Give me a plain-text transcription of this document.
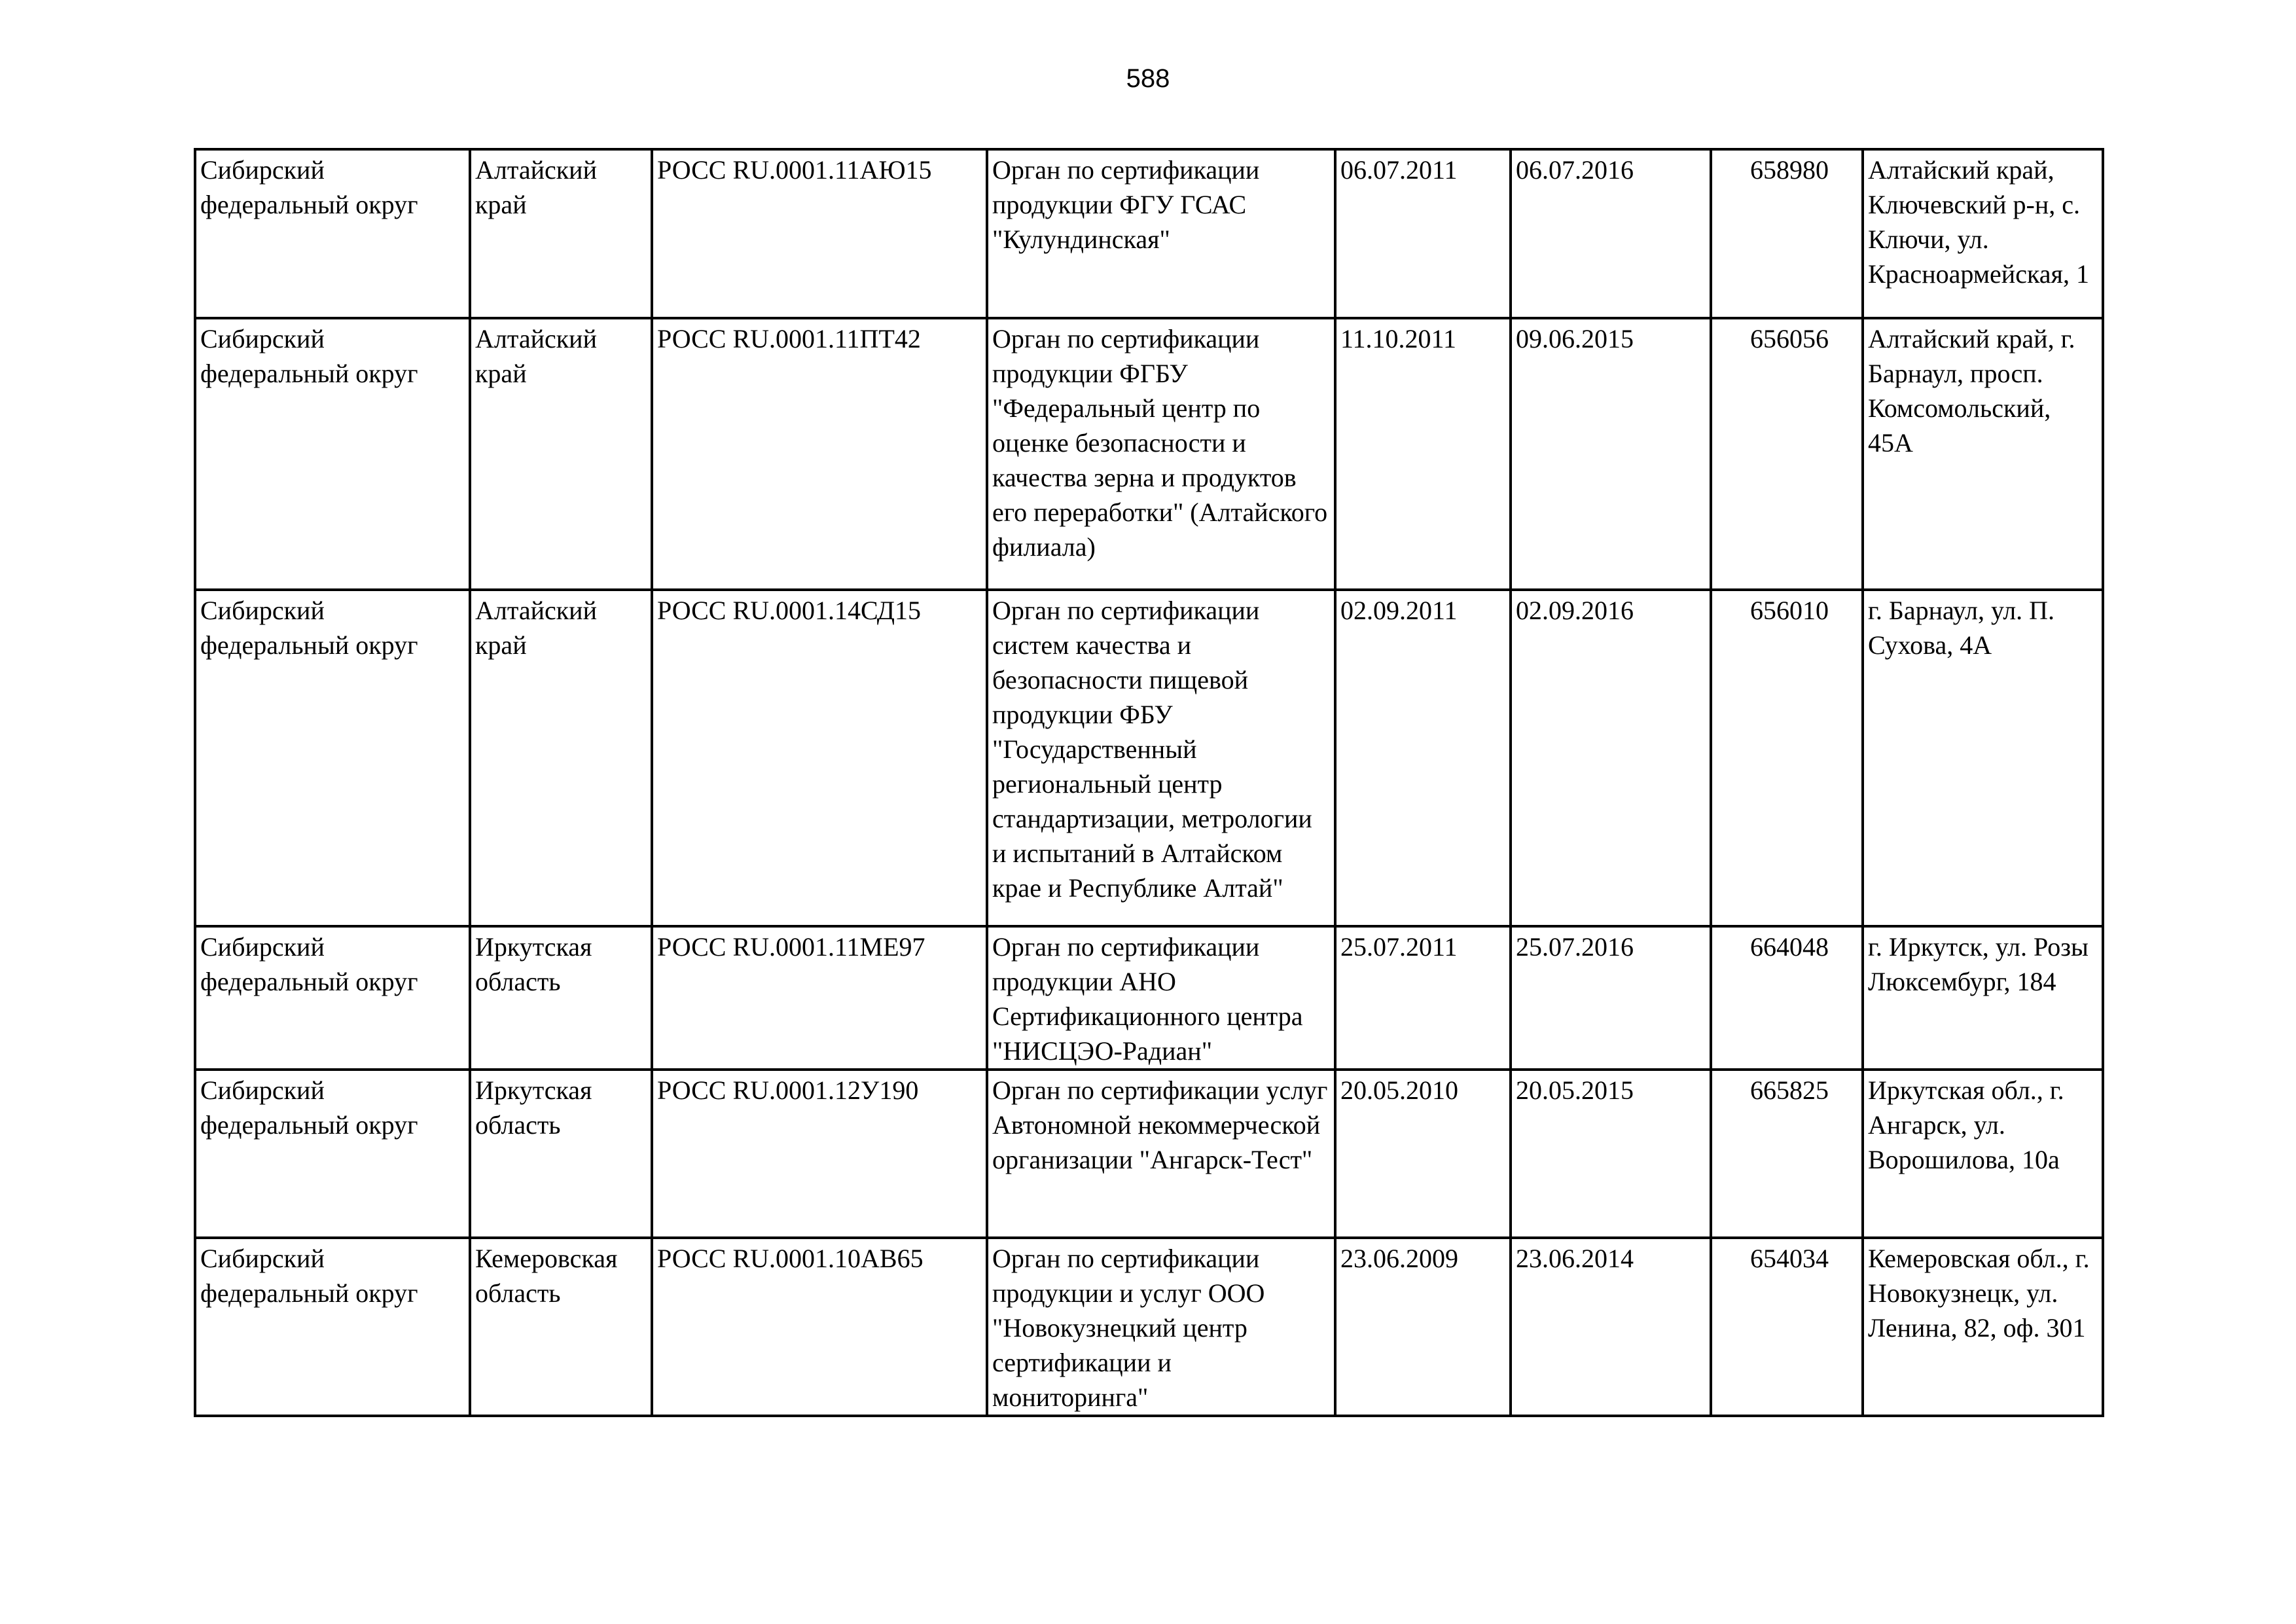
588
Сибирский федеральный округ	Алтайский край	РОСС RU.0001.11АЮ15	Орган по сертификации продукции ФГУ ГСАС "Кулундинская"	06.07.2011	06.07.2016	658980	Алтайский край, Ключевский р-н, с. Ключи, ул. Красноармейская, 1
Сибирский федеральный округ	Алтайский край	РОСС RU.0001.11ПТ42	Орган по сертификации продукции ФГБУ "Федеральный центр по оценке безопасности и качества зерна и продуктов его переработки" (Алтайского филиала)	11.10.2011	09.06.2015	656056	Алтайский край, г. Барнаул, просп. Комсомольский, 45А
Сибирский федеральный округ	Алтайский край	РОСС RU.0001.14СД15	Орган по сертификации систем качества и безопасности пищевой продукции ФБУ "Государственный региональный центр стандартизации, метрологии и испытаний в Алтайском крае и Республике Алтай"	02.09.2011	02.09.2016	656010	г. Барнаул, ул. П. Сухова, 4А
Сибирский федеральный округ	Иркутская область	РОСС RU.0001.11МЕ97	Орган по сертификации продукции АНО Сертификационного центра "НИСЦЭО-Радиан"	25.07.2011	25.07.2016	664048	г. Иркутск, ул. Розы Люксембург, 184
Сибирский федеральный округ	Иркутская область	РОСС RU.0001.12У190	Орган по сертификации услуг Автономной некоммерческой организации "Ангарск-Тест"	20.05.2010	20.05.2015	665825	Иркутская обл., г. Ангарск, ул. Ворошилова, 10а
Сибирский федеральный округ	Кемеровская область	РОСС RU.0001.10АВ65	Орган по сертификации продукции и услуг ООО "Новокузнецкий центр сертификации и мониторинга"	23.06.2009	23.06.2014	654034	Кемеровская обл., г. Новокузнецк, ул. Ленина, 82, оф. 301
